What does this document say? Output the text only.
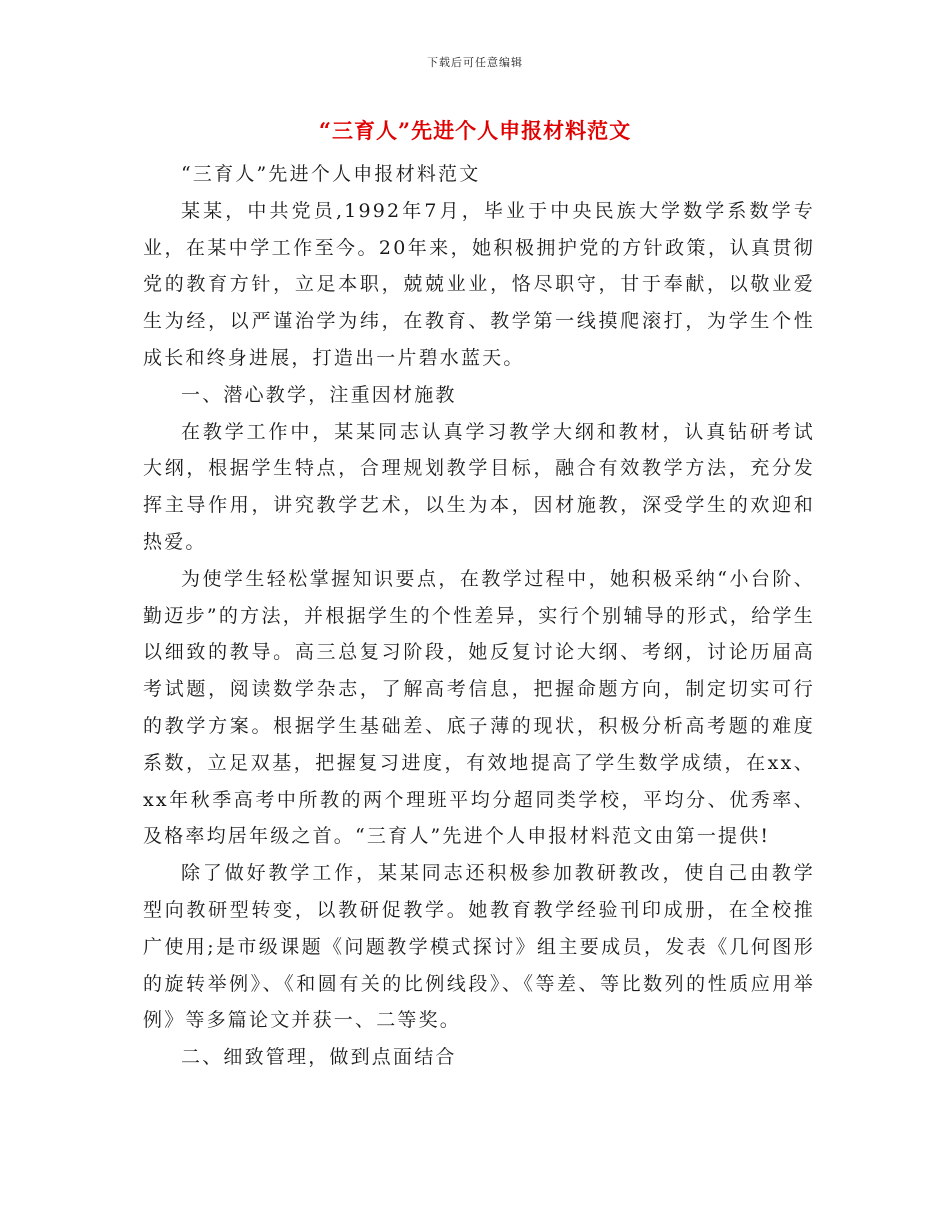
下载后可任意编辑
“三育人”先进个人申报材料范文

“三育人”先进个人申报材料范文

某某，中共党员,1992年7月，毕业于中央民族大学数学系数学专业，在某中学工作至今。20年来，她积极拥护党的方针政策，认真贯彻党的教育方针，立足本职，兢兢业业，恪尽职守，甘于奉献，以敬业爱生为经，以严谨治学为纬，在教育、教学第一线摸爬滚打，为学生个性成长和终身进展，打造出一片碧水蓝天。

一、潜心教学，注重因材施教

在教学工作中，某某同志认真学习教学大纲和教材，认真钻研考试大纲，根据学生特点，合理规划教学目标，融合有效教学方法，充分发挥主导作用，讲究教学艺术，以生为本，因材施教，深受学生的欢迎和热爱。

为使学生轻松掌握知识要点，在教学过程中，她积极采纳“小台阶、勤迈步”的方法，并根据学生的个性差异，实行个别辅导的形式，给学生以细致的教导。高三总复习阶段，她反复讨论大纲、考纲，讨论历届高考试题，阅读数学杂志，了解高考信息，把握命题方向，制定切实可行的教学方案。根据学生基础差、底子薄的现状，积极分析高考题的难度系数，立足双基，把握复习进度，有效地提高了学生数学成绩，在xx、xx年秋季高考中所教的两个理班平均分超同类学校，平均分、优秀率、及格率均居年级之首。“三育人”先进个人申报材料范文由第一提供!

除了做好教学工作，某某同志还积极参加教研教改，使自己由教学型向教研型转变，以教研促教学。她教育教学经验刊印成册，在全校推广使用;是市级课题《问题教学模式探讨》组主要成员，发表《几何图形的旋转举例》、《和圆有关的比例线段》、《等差、等比数列的性质应用举例》等多篇论文并获一、二等奖。

二、细致管理，做到点面结合
